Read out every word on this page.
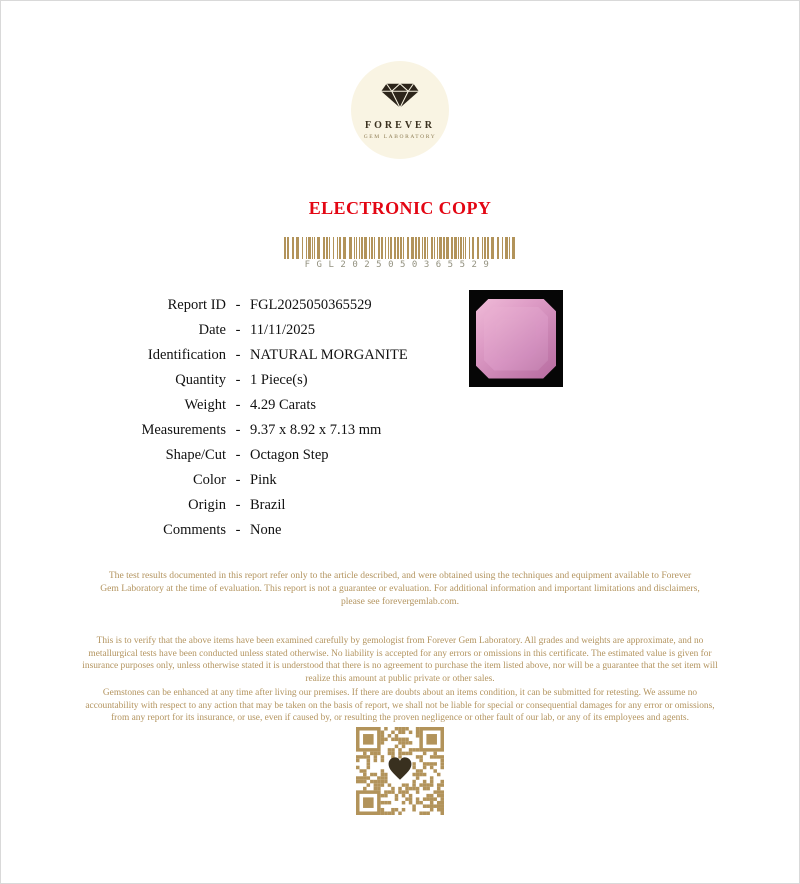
FOREVER
GEM LABORATORY
ELECTRONIC COPY
FGL2025050365529
Report ID - FGL2025050365529
Date - 11/11/2025
Identification - NATURAL MORGANITE
Quantity - 1 Piece(s)
Weight - 4.29 Carats
Measurements - 9.37 x 8.92 x 7.13 mm
Shape/Cut - Octagon Step
Color - Pink
Origin - Brazil
Comments - None
The test results documented in this report refer only to the article described, and were obtained using the techniques and equipment available to Forever Gem Laboratory at the time of evaluation. This report is not a guarantee or evaluation. For additional information and important limitations and disclaimers, please see forevergemlab.com.
This is to verify that the above items have been examined carefully by gemologist from Forever Gem Laboratory. All grades and weights are approximate, and no metallurgical tests have been conducted unless stated otherwise. No liability is accepted for any errors or omissions in this certificate. The estimated value is given for insurance purposes only, unless otherwise stated it is understood that there is no agreement to purchase the item listed above, nor will be a guarantee that the set item will realize this amount at public private or other sales.
Gemstones can be enhanced at any time after living our premises. If there are doubts about an items condition, it can be submitted for retesting. We assume no accountability with respect to any action that may be taken on the basis of report, we shall not be liable for special or consequential damages for any error or omissions, from any report for its insurance, or use, even if caused by, or resulting the proven negligence or other fault of our lab, or any of its employees and agents.
